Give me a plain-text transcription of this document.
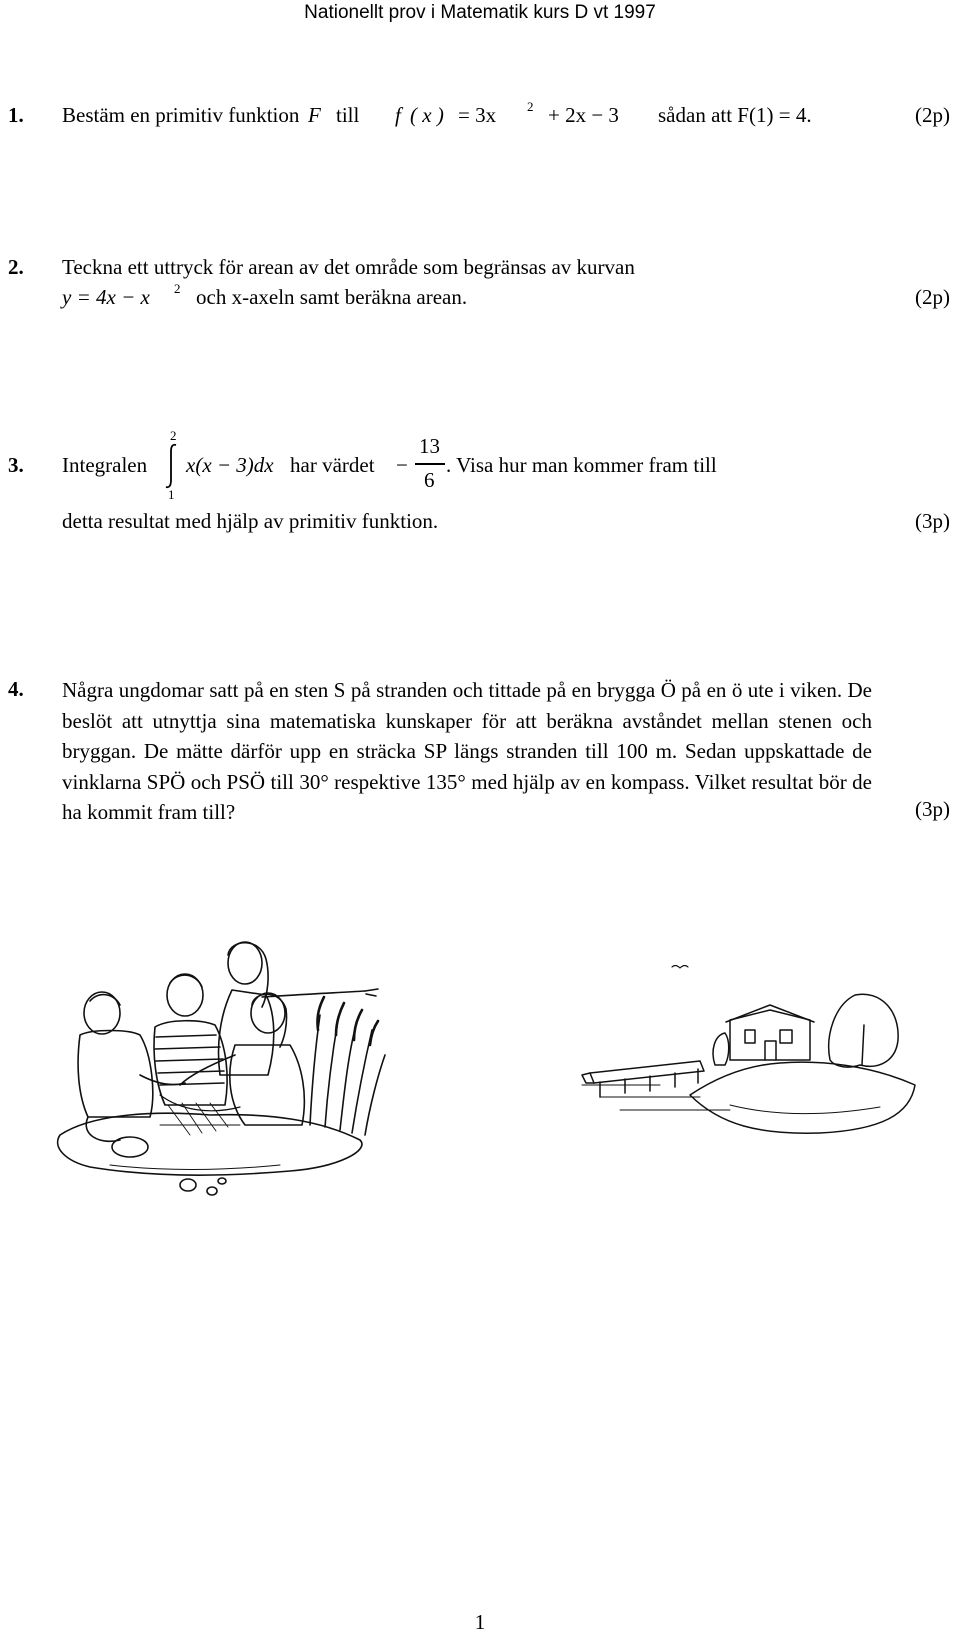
Nationellt prov i Matematik kurs D vt 1997
1. Bestäm en primitiv funktion F till f ( x ) = 3x 2 + 2x − 3 sådan att F(1) = 4.	(2p)
2. Teckna ett uttryck för arean av det område som begränsas av kurvan
y = 4x − x 2 och x-axeln samt beräkna arean.	(2p)
3. Integralen
2
1
x(x − 3)dx har värdet −
13
6
. Visa hur man kommer fram till
detta resultat med hjälp av primitiv funktion.	(3p)
4. Några ungdomar satt på en sten S på stranden och tittade på en brygga Ö på en ö ute i viken. De beslöt att utnyttja sina matematiska kunskaper för att beräkna avståndet mellan stenen och bryggan. De mätte därför upp en sträcka SP längs stranden till 100 m. Sedan uppskattade de vinklarna SPÖ och PSÖ till 30° respektive 135° med hjälp av en kompass. Vilket resultat bör de ha kommit fram till?	(3p)
1
